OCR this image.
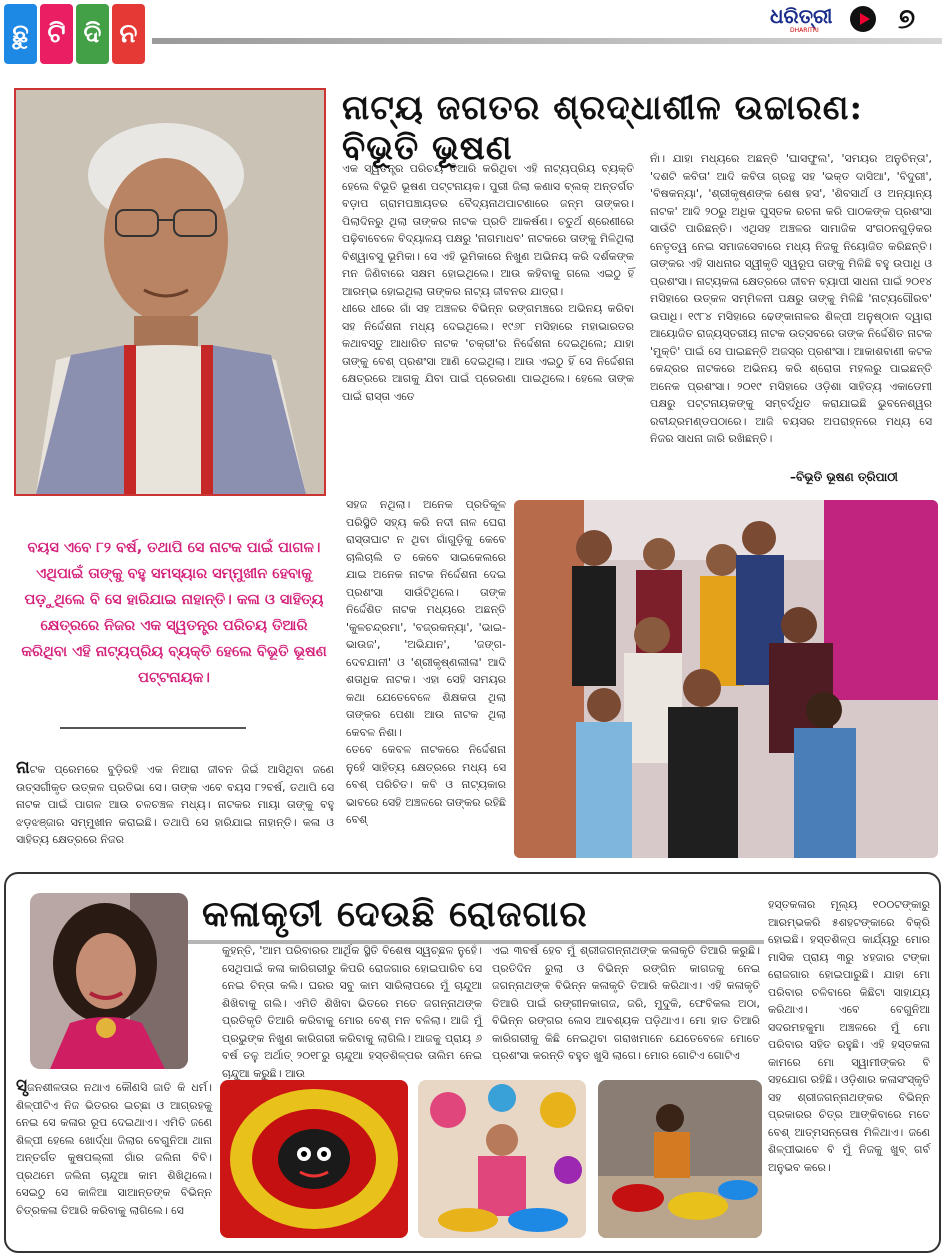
ଛୁ ଟି ଦି ନ
ଧରିତ୍ରୀ
DHARITRI	୭
ନାଟ୍ୟ ଜଗତର ଶ୍ରଦ୍ଧାଶୀଳ ଉଚ୍ଚାରଣ: ବିଭୂତି ଭୂଷଣ
ଏକ ସ୍ୱତନ୍ତ୍ର ପରିଚୟ ତିଆରି କରିଥିବା ଏହି ନାଟ୍ୟପ୍ରିୟ ବ୍ୟକ୍ତି ହେଲେ ବିଭୂତି ଭୂଷଣ ପଟ୍ଟନାୟକ। ପୁରୀ ଜିଲା କଣାସ ବ୍ଲକ୍ ଅନ୍ତର୍ଗତ ବଡ଼ାପ ଗ୍ରାମପଞ୍ଚାୟତର ବୈଦ୍ୟନାଥପାଟଣାରେ ଜନ୍ମ ତାଙ୍କର। ପିଲାଦିନରୁ ଥିଲା ତାଙ୍କର ନାଟକ ପ୍ରତି ଆକର୍ଷଣ। ଚତୁର୍ଥ ଶ୍ରେଣୀରେ ପଢ଼ିବାବେଳେ ବିଦ୍ୟାଳୟ ପକ୍ଷରୁ 'ନାଗମାଧବ' ନାଟକରେ ତାଙ୍କୁ ମିଳିଥିଲା ବିଶ୍ୱାବସୁ ଭୂମିକା। ସେ ଏହି ଭୂମିକାରେ ନିଖୁଣ ଅଭିନୟ କରି ଦର୍ଶକଙ୍କ ମନ ଜିଣିବାରେ ସକ୍ଷମ ହୋଇଥିଲେ। ଆଉ କହିବାକୁ ଗଲେ ଏଇଠୁ ହିଁ ଆରମ୍ଭ ହୋଇଥିଲା ତାଙ୍କର ନାଟ୍ୟ ଜୀବନର ଯାତ୍ରା।
ଧୀରେ ଧୀରେ ଗାଁ ସହ ଅଞ୍ଚଳର ବିଭିନ୍ନ ରଙ୍ଗମଞ୍ଚରେ ଅଭିନୟ କରିବା ସହ ନିର୍ଦ୍ଦେଶନା ମଧ୍ୟ ଦେଇଥିଲେ। ୧୯୬୮ ମସିହାରେ ମହାଭାରତର କଥାବସ୍ତୁ ଆଧାରିତ ନାଟକ 'ଚକ୍ରୀ'ର ନିର୍ଦ୍ଦେଶନା ଦେଇଥିଲେ; ଯାହା ତାଙ୍କୁ ବେଶ୍ ପ୍ରଶଂସା ଆଣି ଦେଇଥିଲା। ଆଉ ଏଇଠୁ ହିଁ ସେ ନିର୍ଦ୍ଦେଶନା କ୍ଷେତ୍ରରେ ଆଗକୁ ଯିବା ପାଇଁ ପ୍ରେରଣା ପାଇଥିଲେ। ହେଲେ ତାଙ୍କ ପାଇଁ ରାସ୍ତା ଏତେ
ନାଁ। ଯାହା ମଧ୍ୟରେ ଅଛନ୍ତି 'ଘାସଫୁଲ', 'ସମୟର ଅନୁଚିନ୍ତା', 'ଦଶଟି କବିତା' ଆଦି କବିତା ଗ୍ରନ୍ଥ ସହ 'ଭକ୍ତ ଦାସିଆ', 'ବିଦୁରୀ', 'ବିଷକନ୍ୟା', 'ଶ୍ରୀକୃଷ୍ଣଙ୍କ ଶେଷ ହସ', 'ଶିବସାର୍ଥ ଓ ଅନ୍ୟାନ୍ୟ ନାଟକ' ଆଦି ୨୦ରୁ ଅଧିକ ପୁସ୍ତକ ରଚନା କରି ପାଠକଙ୍କ ପ୍ରଶଂସା ସାଉଁଟି ପାରିଛନ୍ତି। ଏଥିସହ ଅଞ୍ଚଳର ସାମାଜିକ ସଂଗଠନଗୁଡ଼ିକର ନେତୃତ୍ୱ ନେଇ ସମାଜସେବାରେ ମଧ୍ୟ ନିଜକୁ ନିୟୋଜିତ କରିଛନ୍ତି। ତାଙ୍କର ଏହି ସାଧନାର ସ୍ୱୀକୃତି ସ୍ୱରୂପ ତାଙ୍କୁ ମିଳିଛି ବହୁ ଉପାଧି ଓ ପ୍ରଶଂସା। ନାଟ୍ୟକଳା କ୍ଷେତ୍ରରେ ଜୀବନ ବ୍ୟାପୀ ସାଧନା ପାଇଁ ୨୦୧୪ ମସିହାରେ ଉତ୍କଳ ସମ୍ମିଳନୀ ପକ୍ଷରୁ ତାଙ୍କୁ ମିଳିଛି 'ନାଟ୍ୟଗୌରବ' ଉପାଧି। ୧୯୮୪ ମସିହାରେ ଢେଙ୍କାନାଳର ଶିଳ୍ପୀ ଅନୁଷ୍ଠାନ ଦ୍ୱାରା ଆୟୋଜିତ ରାଜ୍ୟସ୍ତରୀୟ ନାଟକ ଉତ୍ସବରେ ତାଙ୍କ ନିର୍ଦ୍ଦେଶିତ ନାଟକ 'ମୁକ୍ତି' ପାଇଁ ସେ ପାଇଛନ୍ତି ଅଜସ୍ର ପ୍ରଶଂସା। ଆକାଶବାଣୀ କଟକ କେନ୍ଦ୍ରର ନାଟକରେ ଅଭିନୟ କରି ଶ୍ରୋତା ମହଲରୁ ପାଇଛନ୍ତି ଅନେକ ପ୍ରଶଂସା। ୨୦୧୯ ମସିହାରେ ଓଡ଼ିଶା ସାହିତ୍ୟ ଏକାଡେମୀ ପକ୍ଷରୁ ପଟ୍ଟନାୟକଙ୍କୁ ସମ୍ବର୍ଦ୍ଧିତ କରାଯାଇଛି ଭୁବନେଶ୍ୱର ରବୀନ୍ଦ୍ରମଣ୍ଡପଠାରେ। ଆଜି ବୟସର ଅପରାହ୍ନରେ ମଧ୍ୟ ସେ ନିଜର ସାଧନା ଜାରି ରଖିଛନ୍ତି।
–ବିଭୂତି ଭୂଷଣ ତ୍ରିପାଠୀ
ବୟସ ଏବେ ୮୨ ବର୍ଷ, ତଥାପି ସେ ନାଟକ ପାଇଁ ପାଗଳ। ଏଥିପାଇଁ ତାଙ୍କୁ ବହୁ ସମସ୍ୟାର ସମ୍ମୁଖୀନ ହେବାକୁ ପଡ଼ୁଥିଲେ ବି ସେ ହାରିଯାଇ ନାହାନ୍ତି। କଳା ଓ ସାହିତ୍ୟ କ୍ଷେତ୍ରରେ ନିଜର ଏକ ସ୍ୱତନ୍ତ୍ର ପରିଚୟ ତିଆରି କରିଥିବା ଏହି ନାଟ୍ୟପ୍ରିୟ ବ୍ୟକ୍ତି ହେଲେ ବିଭୂତି ଭୂଷଣ ପଟ୍ଟନାୟକ।
ସହଜ ନଥିଲା। ଅନେକ ପ୍ରତିକୂଳ ପରିସ୍ଥିତି ସହ୍ୟ କରି ନଦୀ ନାଳ ଘେରା ରାସ୍ତାଘାଟ ନ ଥିବା ଗାଁଗୁଡ଼ିକୁ କେବେ ଚାଲିଚାଲି ତ କେବେ ସାଇକେଲରେ ଯାଇ ଅନେକ ନାଟକ ନିର୍ଦ୍ଦେଶନା ଦେଇ ପ୍ରଶଂସା ସାଉଁଟିଥିଲେ। ତାଙ୍କ ନିର୍ଦ୍ଦେଶିତ ନାଟକ ମଧ୍ୟରେ ଅଛନ୍ତି 'କୁଳଚନ୍ଦ୍ରମା', 'ବଜ୍ରକନ୍ୟା', 'ଭାଇ-ଭାଉଜ', 'ଅଭିଯାନ', 'ଜଙ୍ଗ-ଦେବଯାନୀ' ଓ 'ଶ୍ରୀକୃଷ୍ଣଲୀଳା' ଆଦି ଶତାଧିକ ନାଟକ। ଏହା ସେହି ସମୟର କଥା ଯେତେବେଳେ ଶିକ୍ଷକତା ଥିଲା ତାଙ୍କର ପେଶା ଆଉ ନାଟକ ଥିଲା କେବଳ ନିଶା।
ତେବେ କେବଳ ନାଟକରେ ନିର୍ଦ୍ଦେଶନା ନୁହେଁ ସାହିତ୍ୟ କ୍ଷେତ୍ରରେ ମଧ୍ୟ ସେ ବେଶ୍ ପରିଚିତ। କବି ଓ ନାଟ୍ୟକାର ଭାବରେ ସେହି ଅଞ୍ଚଳରେ ତାଙ୍କର ରହିଛି ବେଶ୍
ନାଟକ ପ୍ରେମରେ ବୁଡ଼ିରହି ଏକ ନିଆରା ଜୀବନ ଜିଇଁ ଆସିଥିବା ଜଣେ ଉତ୍ସର୍ଗୀକୃତ ଉତ୍କଳ ପ୍ରତିଭା ସେ। ତାଙ୍କ ଏବେ ବୟସ ୮୨ବର୍ଷ, ତଥାପି ସେ ନାଟକ ପାଇଁ ପାଗଳ ଆଉ ଚଳଚଞ୍ଚଳ ମଧ୍ୟ। ନାଟକର ମାୟା ତାଙ୍କୁ ବହୁ ଝଡ଼ଝଞ୍ଜାର ସମ୍ମୁଖୀନ କରାଇଛି। ତଥାପି ସେ ହାରିଯାଇ ନାହାନ୍ତି। କଳା ଓ ସାହିତ୍ୟ କ୍ଷେତ୍ରରେ ନିଜର
କଳାକୃତୀ ଦେଉଛି ରୋଜଗାର
ସୃଜନଶୀଳତାର ନଥାଏ କୌଣସି ଜାତି କି ଧର୍ମ। ଶିଳ୍ପୀଟିଏ ନିଜ ଭିତରର ଇଚ୍ଛା ଓ ଆଗ୍ରହକୁ ନେଇ ସେ କଳାର ରୂପ ଦେଇଥାଏ। ଏମିତି ଜଣେ ଶିଳ୍ପୀ ହେଲେ ଖୋର୍ଦ୍ଧା ଜିଲାର ବେଗୁନିଆ ଥାନା ଅନ୍ତର୍ଗତ କୁଷପଲ୍ଲୀ ଗାଁର ଜଲିନା ବିବି। ପ୍ରଥମେ ଜଲିନା ଚାନ୍ଦୁଆ କାମ ଶିଖିଥିଲେ। ସେଇଠୁ ସେ କାଳିଆ ସାଆନ୍ତଙ୍କ ବିଭିନ୍ନ ଚିତ୍ରକଳା ତିଆରି କରିବାକୁ ଲାଗିଲେ। ସେ
କୁହନ୍ତି, 'ଆମ ପରିବାରର ଆର୍ଥିକ ସ୍ଥିତି ବିଶେଷ ସ୍ୱଚ୍ଛଳ ନୁହେଁ। ସେଥିପାଇଁ କଳା କାରିଗରୀରୁ କିପରି ରୋଜଗାର ହୋଇପାରିବ ସେ ନେଇ ଚିନ୍ତା କଲି। ଘରର ସବୁ କାମ ସାରିଲାପରେ ମୁଁ ଚାନ୍ଦୁଆ ଶିଖିବାକୁ ଗଲି। ଏମିତି ଶିଖିବା ଭିତରେ ମତେ ଜଗନ୍ନାଥଙ୍କ ପ୍ରତିକୃତି ତିଆରି କରିବାକୁ ମୋର ବେଶ୍ ମନ ବଳିଲା। ଆଜି ମୁଁ ପ୍ରଭୁଙ୍କ ନିଖୁଣ କାରିଗରୀ କରିବାକୁ ଲାଗିଲି। ଆଜକୁ ପ୍ରାୟ ୬ ବର୍ଷ ତଳୁ ଅର୍ଥାତ୍ ୨୦୧୮ରୁ ଚାନ୍ଦୁଆ ହସ୍ତଶିଳ୍ପର ତାଲିମ ନେଇ ଚାନ୍ଦୁଆ କରୁଛି। ଆଉ
ଏଇ ୩ବର୍ଷ ହେବ ମୁଁ ଶ୍ରୀଜଗନ୍ନାଥଙ୍କ କଳାକୃତି ତିଆରି କରୁଛି। ପ୍ରତିଦିନ ରୁଲା ଓ ବିଭିନ୍ନ ରଙ୍ଗିନ କାଗଜକୁ ନେଇ ଜଗନ୍ନାଥଙ୍କ ବିଭିନ୍ନ କଳାକୃତି ତିଆରି କରିଥାଏ। ଏହି କଳାକୃତି ତିଆରି ପାଇଁ ରଙ୍ଗୀନକାଗଜ, ଜରି, ମୁଦୁକି, ଫେବିକଲ ଅଠା, ବିଭିନ୍ନ ରଙ୍ଗର ଲେସ ଆବଶ୍ୟକ ପଡ଼ିଥାଏ। ମୋ ହାତ ତିଆରି କାରିଗରୀକୁ କିଛି ନେଇଥିବା ଗରାଖମାନେ ଯେତେବେଳେ ମୋତେ ପ୍ରଶଂସା କରନ୍ତି ବହୁତ ଖୁସି ଲାଗେ। ମୋର ଗୋଟିଏ ଗୋଟିଏ
ହସ୍ତକଳାର ମୂଲ୍ୟ ୧୦୦ଟଙ୍କାରୁ ଆରମ୍ଭକରି ୫ଶହଟଙ୍କାରେ ବିକ୍ରି ହୋଇଛି। ହସ୍ତଶିଳ୍ପ କାର୍ଯ୍ୟରୁ ମୋର ମାସିକ ପ୍ରାୟ ୩ରୁ ୪ହଜାର ଟଙ୍କା ରୋଜଗାର ହୋଇପାରୁଛି। ଯାହା ମୋ ପରିବାର ଚଳିବାରେ କିଛିଟା ସାହାଯ୍ୟ କରିଥାଏ। ଏବେ ବେଗୁନିଆ ସଦରମହକୁମା ଅଞ୍ଚଳରେ ମୁଁ ମୋ ପରିବାର ସହିତ ରହୁଛି। ଏହି ହସ୍ତକଳା କାମରେ ମୋ ସ୍ୱାମୀଙ୍କର ବି ସହଯୋଗ ରହିଛି। ଓଡ଼ିଶାର କଳାସଂସ୍କୃତି ସହ ଶ୍ରୀଜଗନ୍ନାଥଙ୍କର ବିଭିନ୍ନ ପ୍ରକାରର ଚିତ୍ର ଆଙ୍କିବାରେ ମତେ ବେଶ୍ ଆତ୍ମସନ୍ତୋଷ ମିଳିଥାଏ। ଜଣେ ଶିଳ୍ପୀଭାବେ ବି ମୁଁ ନିଜକୁ ଖୁବ୍ ଗର୍ବ ଅନୁଭବ କରେ।
